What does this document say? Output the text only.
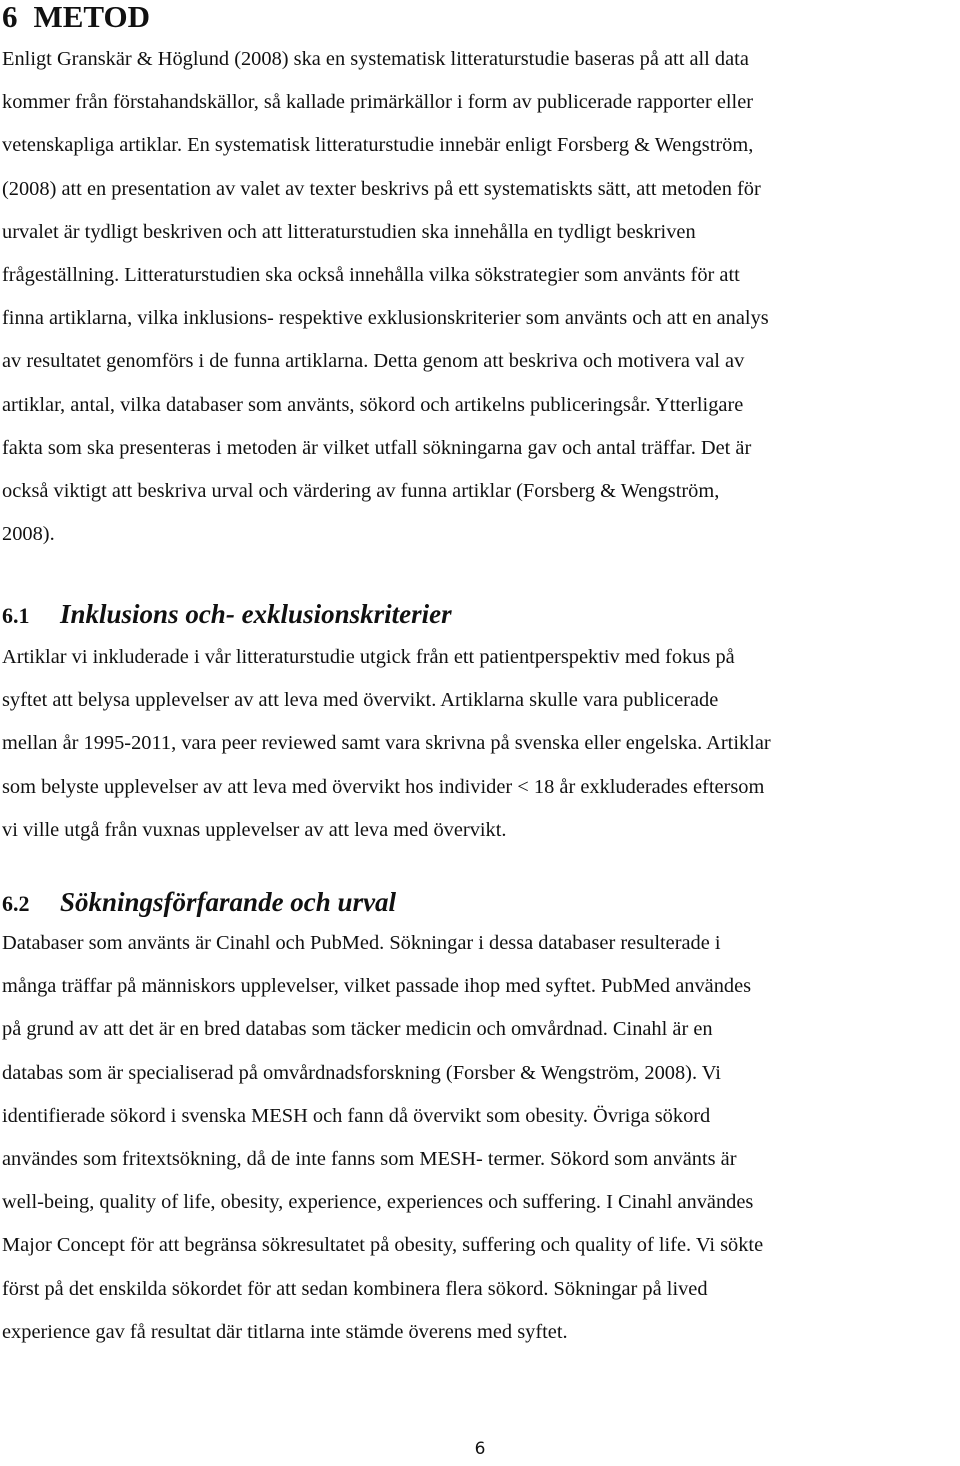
6 METOD

Enligt Granskär & Höglund (2008) ska en systematisk litteraturstudie baseras på att all data
kommer från förstahandskällor, så kallade primärkällor i form av publicerade rapporter eller
vetenskapliga artiklar. En systematisk litteraturstudie innebär enligt Forsberg & Wengström,
(2008) att en presentation av valet av texter beskrivs på ett systematiskts sätt, att metoden för
urvalet är tydligt beskriven och att litteraturstudien ska innehålla en tydligt beskriven
frågeställning. Litteraturstudien ska också innehålla vilka sökstrategier som använts för att
finna artiklarna, vilka inklusions- respektive exklusionskriterier som använts och att en analys
av resultatet genomförs i de funna artiklarna. Detta genom att beskriva och motivera val av
artiklar, antal, vilka databaser som använts, sökord och artikelns publiceringsår. Ytterligare
fakta som ska presenteras i metoden är vilket utfall sökningarna gav och antal träffar. Det är
också viktigt att beskriva urval och värdering av funna artiklar (Forsberg & Wengström,
2008).

6.1 Inklusions och- exklusionskriterier

Artiklar vi inkluderade i vår litteraturstudie utgick från ett patientperspektiv med fokus på
syftet att belysa upplevelser av att leva med övervikt. Artiklarna skulle vara publicerade
mellan år 1995-2011, vara peer reviewed samt vara skrivna på svenska eller engelska. Artiklar
som belyste upplevelser av att leva med övervikt hos individer < 18 år exkluderades eftersom
vi ville utgå från vuxnas upplevelser av att leva med övervikt.

6.2 Sökningsförfarande och urval

Databaser som använts är Cinahl och PubMed. Sökningar i dessa databaser resulterade i
många träffar på människors upplevelser, vilket passade ihop med syftet. PubMed användes
på grund av att det är en bred databas som täcker medicin och omvårdnad. Cinahl är en
databas som är specialiserad på omvårdnadsforskning (Forsber & Wengström, 2008). Vi
identifierade sökord i svenska MESH och fann då övervikt som obesity. Övriga sökord
användes som fritextsökning, då de inte fanns som MESH- termer. Sökord som använts är
well-being, quality of life, obesity, experience, experiences och suffering. I Cinahl användes
Major Concept för att begränsa sökresultatet på obesity, suffering och quality of life. Vi sökte
först på det enskilda sökordet för att sedan kombinera flera sökord. Sökningar på lived
experience gav få resultat där titlarna inte stämde överens med syftet.

6
